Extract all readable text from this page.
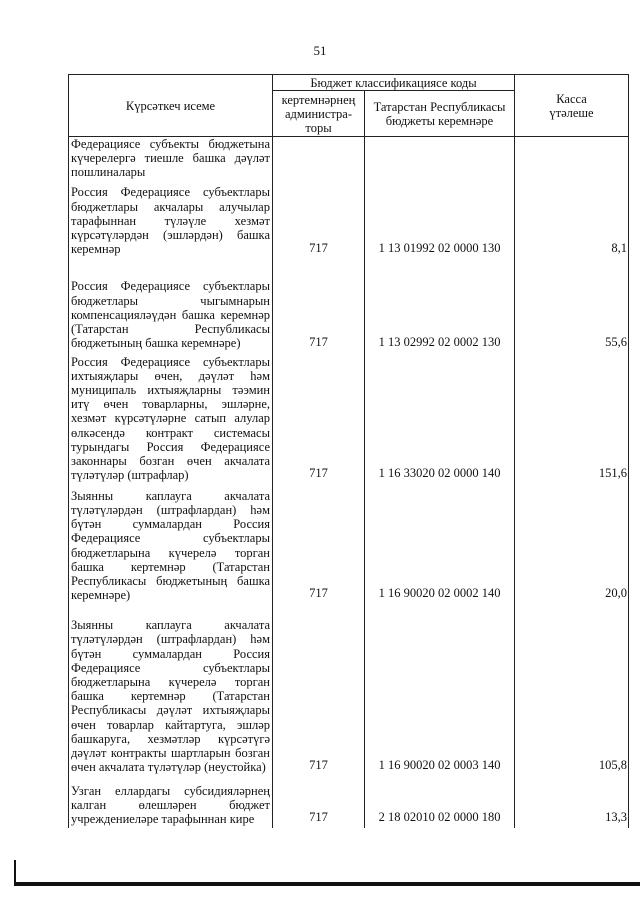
51
Күрсәткеч исеме	Бюджет классификациясе коды		Касса үтәлеше
	кертемнәрнең администра-торы	Татарстан Республикасы бюджеты керемнәре	
Федерациясе субъекты бюджетына күчерелергә тиешле башка дәүләт пошлиналары			
Россия Федерациясе субъектлары бюджетлары акчалары алучылар тарафыннан түләүле хезмәт күрсәтүләрдән (эшләрдән) башка керемнәр	717	1 13 01992 02 0000 130	8,1
Россия Федерациясе субъектлары бюджетлары чыгымнарын компенсацияләүдән башка керемнәр (Татарстан Республикасы бюджетының башка керемнәре)	717	1 13 02992 02 0002 130	55,6
Россия Федерациясе субъектлары ихтыяҗлары өчен, дәүләт һәм муниципаль ихтыяҗларны тәэмин итү өчен товарларны, эшләрне, хезмәт күрсәтүләрне сатып алулар өлкәсендә контракт системасы турындагы Россия Федерациясе законнары бозган өчен акчалата түләтүләр (штрафлар)	717	1 16 33020 02 0000 140	151,6
Зыянны каплауга акчалата түләтүләрдән (штрафлардан) һәм бүтән суммалардан Россия Федерациясе субъектлары бюджетларына күчерелә торган башка кертемнәр (Татарстан Республикасы бюджетының башка керемнәре)	717	1 16 90020 02 0002 140	20,0
Зыянны каплауга акчалата түләтүләрдән (штрафлардан) һәм бүтән суммалардан Россия Федерациясе субъектлары бюджетларына күчерелә торган башка кертемнәр (Татарстан Республикасы дәүләт ихтыяҗлары өчен товарлар кайтартуга, эшләр башкаруга, хезмәтләр күрсәтүгә дәүләт контракты шартларын бозган өчен акчалата түләтүләр (неустойка)	717	1 16 90020 02 0003 140	105,8
Узган еллардагы субсидияләрнең калган өлешләрен бюджет учреждениеләре тарафыннан кире	717	2 18 02010 02 0000 180	13,3
